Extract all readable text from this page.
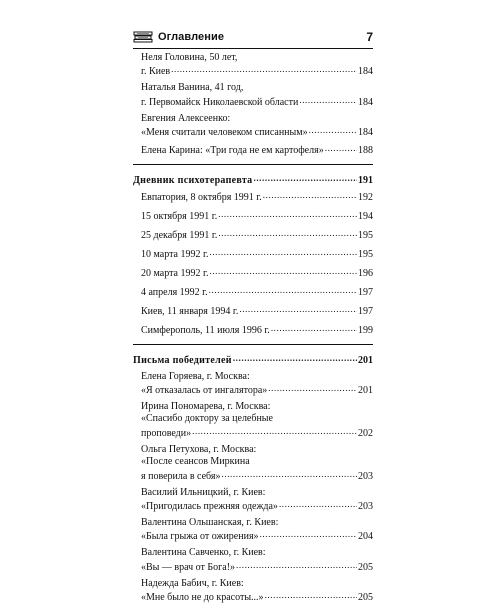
Оглавление	7
Неля Головина, 50 лет,
г. Киев .....	184
Наталья Ванина, 41 год,
г. Первомайск Николаевской области .....	184
Евгения Алексеенко:
«Меня считали человеком списанным» .....	184
Елена Карина: «Три года не ем картофеля» .....	188
Дневник психотерапевта .....	191
Евпатория, 8 октября 1991 г. .....	192
15 октября 1991 г. .....	194
25 декабря 1991 г. .....	195
10 марта 1992 г. .....	195
20 марта 1992 г. .....	196
4 апреля 1992 г. .....	197
Киев, 11 января 1994 г. .....	197
Симферополь, 11 июля 1996 г. .....	199
Письма победителей .....	201
Елена Горяева, г. Москва:
«Я отказалась от ингалятора» .....	201
Ирина Пономарева, г. Москва:
«Спасибо доктору за целебные
проповеди» .....	202
Ольга Петухова, г. Москва:
«После сеансов Миркина
я поверила в себя» .....	203
Василий Ильницкий, г. Киев:
«Пригодилась прежняя одежда» .....	203
Валентина Ольшанская, г. Киев:
«Была грыжа от ожирения» .....	204
Валентина Савченко, г. Киев:
«Вы — врач от Бога!» .....	205
Надежда Бабич, г. Киев:
«Мне было не до красоты...» .....	205
